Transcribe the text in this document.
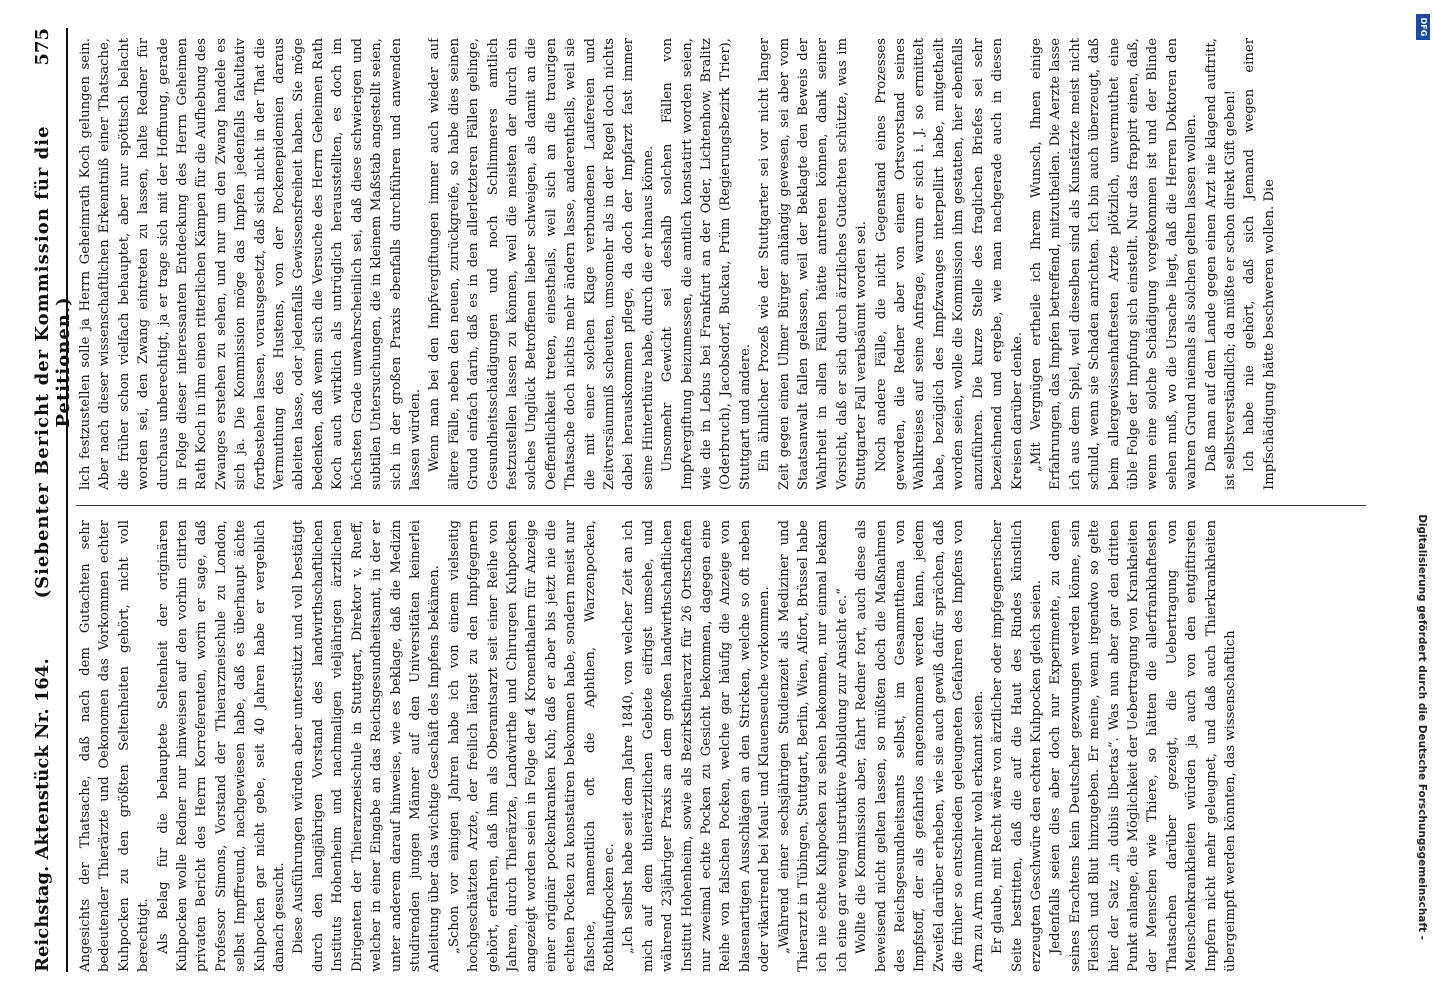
Reichstag. Aktenstück Nr. 164.
(Siebenter Bericht der Kommission für die Petitionen.)
575

Angesichts der Thatsache, daß nach dem Gutachten sehr bedeutender Thierärzte und Oekonomen das Vorkommen echter Kuhpocken zu den größten Seltenheiten gehört, nicht voll berechtigt. Als Belag für die behauptete Seltenheit der originären Kuhpocken wolle Redner nur hinweisen auf den vorhin citirten privaten Bericht des Herrn Korreferenten, worin er sage, daß Professor Simons, Vorstand der Thierarzneischule zu London, selbst Impffreund, nachgewiesen habe, daß es überhaupt ächte Kuhpocken gar nicht gebe, seit 40 Jahren habe er vergeblich danach gesucht. Diese Ausführungen würden aber unterstützt und voll bestätigt durch den langjährigen Vorstand des landwirthschaftlichen Instituts Hohenheim und nachmaligen vieljährigen ärztlichen Dirigenten der Thierarzneischule in Stuttgart, Direktor v. Rueff, welcher in einer Eingabe an das Reichsgesundheitsamt, in der er unter anderem darauf hinweise, wie es beklage, daß die Medizin studirenden jungen Männer auf den Universitäten keinerlei Anleitung über das wichtige Geschäft des Impfens bekämen. „Schon vor einigen Jahren habe ich von einem vielseitig hochgeschätzten Arzte, der freilich längst zu den Impfgegnern gehört, erfahren, daß ihm als Oberamtsarzt seit einer Reihe von Jahren, durch Thierärzte, Landwirthe und Chirurgen Kuhpocken angezeigt worden seien in Folge der 4 Kronenthalern für Anzeige einer originär pockenkranken Kuh; daß er aber bis jetzt nie die echten Pocken zu konstatiren bekommen habe, sondern meist nur falsche, namentlich oft die Aphthen, Warzenpocken, Rothlaufpocken ec. „Ich selbst habe seit dem Jahre 1840, von welcher Zeit an ich mich auf dem thierärztlichen Gebiete eifrigst umsehe, und während 23jähriger Praxis an dem großen landwirthschaftlichen Institut Hohenheim, sowie als Bezirksthierarzt für 26 Ortschaften nur zweimal echte Pocken zu Gesicht bekommen, dagegen eine Reihe von falschen Pocken, welche gar häufig die Anzeige von blasenartigen Ausschlägen an den Stricken, welche so oft neben oder vikarirend bei Maul- und Klauenseuche vorkommen. „Während einer sechsjährigen Studienzeit als Mediziner und Thierarzt in Tübingen, Stuttgart, Berlin, Wien, Alfort, Brüssel habe ich nie echte Kuhpocken zu sehen bekommen, nur einmal bekam ich eine gar wenig instruktive Abbildung zur Ansicht ec.“ Wollte die Kommission aber, fahrt Redner fort, auch diese als beweisend nicht gelten lassen, so müßten doch die Maßnahmen des Reichsgesundheitsamts selbst, im Gesammtthema von Impfstoff, der als gefahrlos angenommen werden kann, jedem Zweifel darüber erheben, wie sie auch gewiß dafür sprächen, daß die früher so entschieden geleugneten Gefahren des Impfens von Arm zu Arm nunmehr wohl erkannt seien. Er glaube, mit Recht wäre von ärztlicher oder impfgegnerischer Seite bestritten, daß die auf die Haut des Rindes künstlich erzeugten Geschwüre den echten Kuhpocken gleich seien. Jedenfalls seien dies aber doch nur Experimente, zu denen seines Erachtens kein Deutscher gezwungen werden könne, sein Fleisch und Blut hinzugeben. Er meine, wenn irgendwo so gelte hier der Satz „in dubiis libertas“. Was nun aber gar den dritten Punkt anlange, die Möglichkeit der Uebertragung von Krankheiten der Menschen wie Thiere, so hätten die allerfrankhaftesten Thatsachen darüber gezeigt, die Uebertragung von Menschenkrankheiten würden ja auch von den entgiftirsten Impfern nicht mehr geleugnet, und daß auch Thierkrankheiten übergeimpft werden könnten, das wissenschaftlich

lich festzustellen solle ja Herrn Geheimrath Koch gelungen sein. Aber nach dieser wissenschaftlichen Erkenntniß einer Thatsache, die früher schon vielfach behauptet, aber nur spöttisch belacht worden sei, den Zwang eintreten zu lassen, halte Redner für durchaus unberechtigt, ja er trage sich mit der Hoffnung, gerade in Folge dieser interessanten Entdeckung des Herrn Geheimen Rath Koch in ihm einen ritterlichen Kämpen für die Aufhebung des Zwanges erstehen zu sehen, und nur um den Zwang handele es sich ja. Die Kommission möge das Impfen jedenfalls fakultativ fortbestehen lassen, vorausgesetzt, daß sich nicht in der That die Vermuthung des Hustens, von der Pockenepidemien daraus ableiten lasse, oder jedenfalls Gewissensfreiheit haben. Sie möge bedenken, daß wenn sich die Versuche des Herrn Geheimen Rath Koch auch wirklich als untrüglich herausstellten, es doch im höchsten Grade unwahrscheinlich sei, daß diese schwierigen und subtilen Untersuchungen, die in kleinem Maßstab angestellt seien, sich in der großen Praxis ebenfalls durchführen und anwenden lassen würden. Wenn man bei den Impfvergiftungen immer auch wieder auf ältere Fälle, neben den neuen, zurückgreife, so habe dies seinen Grund einfach darin, daß es in den allerletzteren Fällen gelinge, Gesundheitsschädigungen und noch Schlimmeres amtlich festzustellen lassen zu können, weil die meisten der durch ein solches Unglück Betroffenen lieber schweigen, als damit an die Oeffentlichkeit treten, einestheils, weil sich an die traurigen Thatsache doch nichts mehr ändern lasse, anderentheils, weil sie die mit einer solchen Klage verbundenen Laufereien und Zeitversäumniß scheuten, umsomehr als in der Regel doch nichts dabei herauskommen pflege, da doch der Impfarzt fast immer seine Hinterthüre habe, durch die er hinaus könne. Unsomehr Gewicht sei deshalb solchen Fällen von Impfvergiftung beizumessen, die amtlich konstatirt worden seien, wie die in Lebus bei Frankfurt an der Oder, Lichtenhow, Bralitz (Oderbruch), Jacobsdorf, Buckau, Prüm (Regierungsbezirk Trier), Stuttgart und andere. Ein ähnlicher Prozeß wie der Stuttgarter sei vor nicht langer Zeit gegen einen Ulmer Bürger anhängig gewesen, sei aber vom Staatsanwalt fallen gelassen, weil der Beklagte den Beweis der Wahrheit in allen Fällen hätte antreten können, dank seiner Vorsicht, daß er sich durch ärztliches Gutachten schützte, was im Stuttgarter Fall verabsäumt worden sei. Noch andere Fälle, die nicht Gegenstand eines Prozesses geworden, die Redner aber von einem Ortsvorstand seines Wahlkreises auf seine Anfrage, warum er sich i. J. so ermittelt habe, bezüglich des Impfzwanges interpellirt habe, mitgetheilt worden seien, wolle die Kommission ihm gestatten, hier ebenfalls anzuführen. Die kurze Stelle des fraglichen Briefes sei sehr bezeichnend und ergebe, wie man nachgerade auch in diesen Kreisen darüber denke. „Mit Vergnügen ertheile ich Ihrem Wunsch, Ihnen einige Erfahrungen, das Impfen betreffend, mitzutheilen. Die Aerzte lasse ich aus dem Spiel, weil dieselben sind als Kunstärzte meist nicht schuld, wenn sie Schaden anrichten. Ich bin auch überzeugt, daß beim allergewissenhaftesten Arzte plötzlich, unvermuthet eine üble Folge der Impfung sich einstellt. Nur das frappirt einen, daß, wenn eine solche Schädigung vorgekommen ist und der Blinde sehen muß, wo die Ursache liegt, daß die Herren Doktoren den wahren Grund niemals als solchen gelten lassen wollen. Daß man auf dem Lande gegen einen Arzt nie klagend auftritt, ist selbstverständlich; da müßte er schon direkt Gift geben! Ich habe nie gehört, daß sich Jemand wegen einer Impfschädigung hätte beschweren wollen. Die

DFG
Digitalisierung gefördert durch die Deutsche Forschungsgemeinschaft -
